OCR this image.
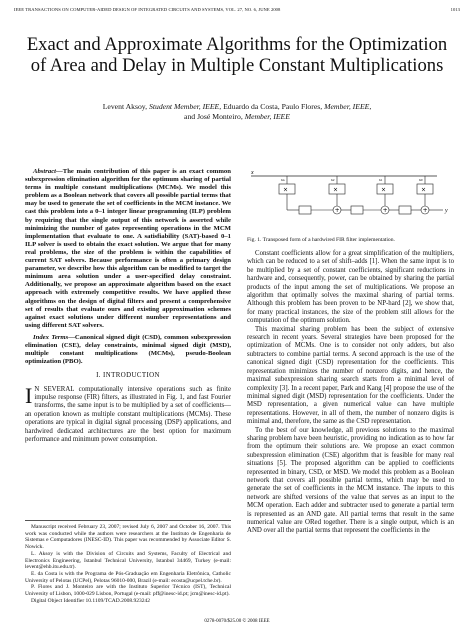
IEEE TRANSACTIONS ON COMPUTER-AIDED DESIGN OF INTEGRATED CIRCUITS AND SYSTEMS, VOL. 27, NO. 6, JUNE 2008	1013
Exact and Approximate Algorithms for the Optimization of Area and Delay in Multiple Constant Multiplications
Levent Aksoy, Student Member, IEEE, Eduardo da Costa, Paulo Flores, Member, IEEE,
and José Monteiro, Member, IEEE

Abstract—The main contribution of this paper is an exact common subexpression elimination algorithm for the optimum sharing of partial terms in multiple constant multiplications (MCMs). We model this problem as a Boolean network that covers all possible partial terms that may be used to generate the set of coefficients in the MCM instance. We cast this problem into a 0–1 integer linear programming (ILP) problem by requiring that the single output of this network is asserted while minimizing the number of gates representing operations in the MCM implementation that evaluate to one. A satisfiability (SAT)-based 0–1 ILP solver is used to obtain the exact solution. We argue that for many real problems, the size of the problem is within the capabilities of current SAT solvers. Because performance is often a primary design parameter, we describe how this algorithm can be modified to target the minimum area solution under a user-specified delay constraint. Additionally, we propose an approximate algorithm based on the exact approach with extremely competitive results. We have applied these algorithms on the design of digital filters and present a comprehensive set of results that evaluate ours and existing approximation schemes against exact solutions under different number representations and using different SAT solvers.

Index Terms—Canonical signed digit (CSD), common subexpression elimination (CSE), delay constraints, minimal signed digit (MSD), multiple constant multiplications (MCMs), pseudo-Boolean optimization (PBO).

I. INTRODUCTION

IN SEVERAL computationally intensive operations such as finite impulse response (FIR) filters, as illustrated in Fig. 1, and fast Fourier transforms, the same input is to be multiplied by a set of coefficients—an operation known as multiple constant multiplications (MCMs). These operations are typical in digital signal processing (DSP) applications, and hardwired dedicated architectures are the best option for maximum performance and minimum power consumption.

Manuscript received February 23, 2007; revised July 6, 2007 and October 16, 2007. This work was conducted while the authors were researchers at the Instituto de Engenharia de Sistemas e Computadores (INESC-ID). This paper was recommended by Associate Editor S. Nowick.

L. Aksoy is with the Division of Circuits and Systems, Faculty of Electrical and Electronics Engineering, Istanbul Technical University, Istanbul 34469, Turkey (e-mail: levent@ehb.itu.edu.tr).

E. da Costa is with the Programa de Pós-Graduação em Engenharia Eletrônica, Catholic University of Pelotas (UCPel), Pelotas 96010-000, Brazil (e-mail: ecosta@ucpel.tche.br).

P. Flores and J. Monteiro are with the Instituto Superior Técnico (IST), Technical University of Lisbon, 1000-029 Lisbon, Portugal (e-mail: pff@inesc-id.pt; jcm@inesc-id.pt).

Digital Object Identifier 10.1109/TCAD.2008.923242

x
×
hn
×
h2
×
h1
×
h0
+	+	+	y
Fig. 1. Transposed form of a hardwired FIR filter implementation.

Constant coefficients allow for a great simplification of the multipliers, which can be reduced to a set of shift–adds [1]. When the same input is to be multiplied by a set of constant coefficients, significant reductions in hardware and, consequently, power, can be obtained by sharing the partial products of the input among the set of multiplications. We propose an algorithm that optimally solves the maximal sharing of partial terms. Although this problem has been proven to be NP-hard [2], we show that, for many practical instances, the size of the problem still allows for the computation of the optimum solution.

This maximal sharing problem has been the subject of extensive research in recent years. Several strategies have been proposed for the optimization of MCMs. One is to consider not only adders, but also subtracters to combine partial terms. A second approach is the use of the canonical signed digit (CSD) representation for the coefficients. This representation minimizes the number of nonzero digits, and hence, the maximal subexpression sharing search starts from a minimal level of complexity [3]. In a recent paper, Park and Kang [4] propose the use of the minimal signed digit (MSD) representation for the coefficients. Under the MSD representation, a given numerical value can have multiple representations. However, in all of them, the number of nonzero digits is minimal and, therefore, the same as the CSD representation.

To the best of our knowledge, all previous solutions to the maximal sharing problem have been heuristic, providing no indication as to how far from the optimum their solutions are. We propose an exact common subexpression elimination (CSE) algorithm that is feasible for many real situations [5]. The proposed algorithm can be applied to coefficients represented in binary, CSD, or MSD. We model this problem as a Boolean network that covers all possible partial terms, which may be used to generate the set of coefficients in the MCM instance. The inputs to this network are shifted versions of the value that serves as an input to the MCM operation. Each adder and subtracter used to generate a partial term is represented as an AND gate. All partial terms that result in the same numerical value are ORed together. There is a single output, which is an AND over all the partial terms that represent the coefficients in the

0278-0070/$25.00 © 2008 IEEE
